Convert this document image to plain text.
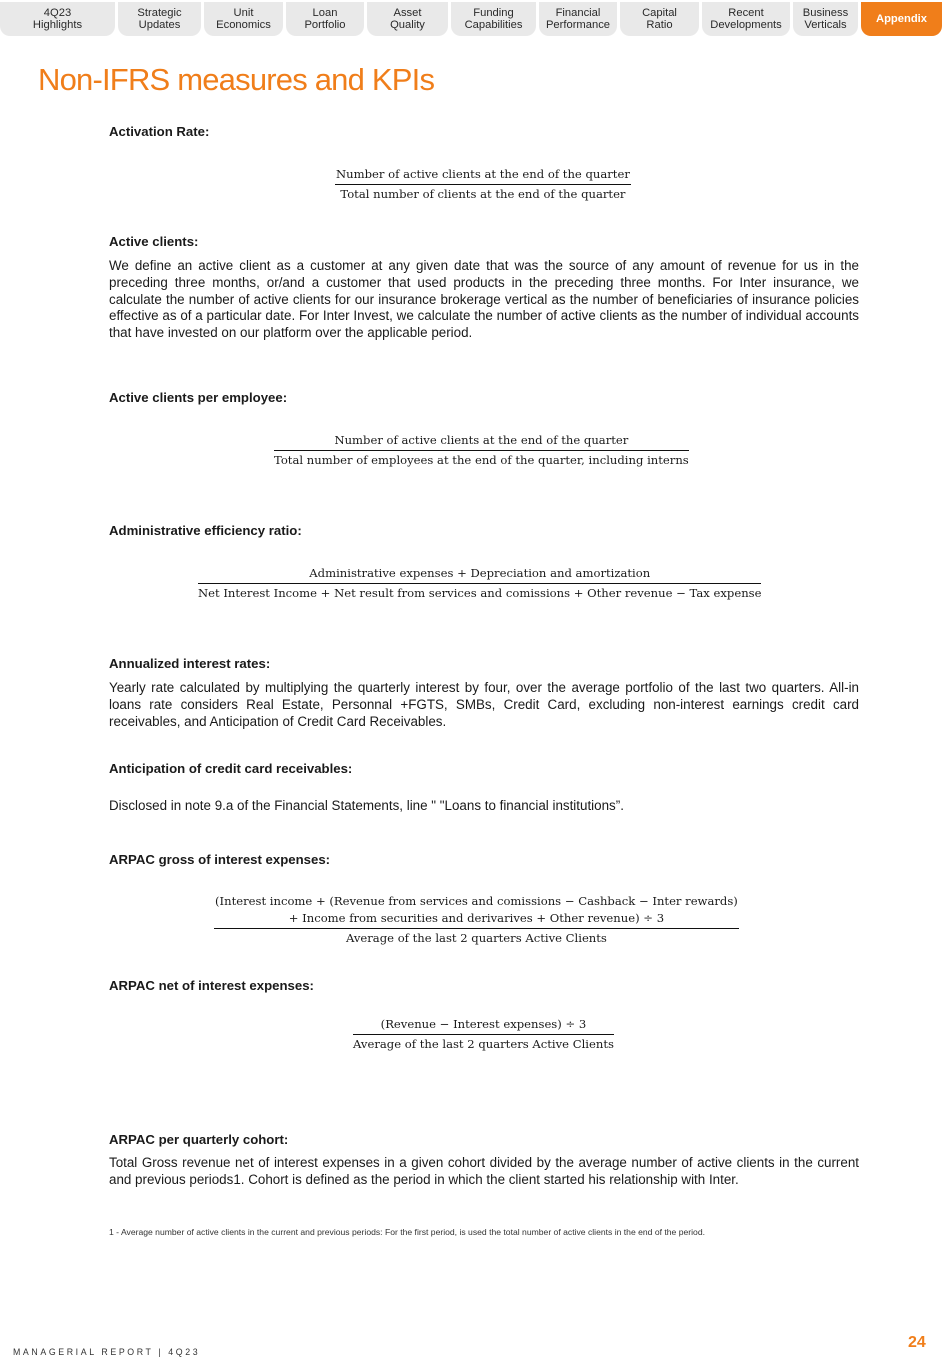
4Q23
Highlights
Strategic
Updates
Unit
Economics
Loan
Portfolio
Asset
Quality
Funding
Capabilities
Financial
Performance
Capital
Ratio
Recent
Developments
Business
Verticals
Appendix
Non-IFRS measures and KPIs
Activation Rate:
Number of active clients at the end of the quarter
Total number of clients at the end of the quarter
Active clients:

We define an active client as a customer at any given date that was the source of any amount of revenue for us in the preceding three months, or/and a customer that used products in the preceding three months. For Inter insurance, we calculate the number of active clients for our insurance brokerage vertical as the number of beneficiaries of insurance policies effective as of a particular date. For Inter Invest, we calculate the number of active clients as the number of individual accounts that have invested on our platform over the applicable period.

Active clients per employee:
Number of active clients at the end of the quarter
Total number of employees at the end of the quarter, including interns
Administrative efficiency ratio:
Administrative expenses + Depreciation and amortization
Net Interest Income + Net result from services and comissions + Other revenue − Tax expense
Annualized interest rates:

Yearly rate calculated by multiplying the quarterly interest by four, over the average portfolio of the last two quarters. All-in loans rate considers Real Estate, Personnal +FGTS, SMBs, Credit Card, excluding non-interest earnings credit card receivables, and Anticipation of Credit Card Receivables.

Anticipation of credit card receivables:

Disclosed in note 9.a of the Financial Statements, line " "Loans to financial institutions”.

ARPAC gross of interest expenses:
(Interest income + (Revenue from services and comissions − Cashback − Inter rewards)
+ Income from securities and derivarives + Other revenue) ÷ 3
Average of the last 2 quarters Active Clients
ARPAC net of interest expenses:
(Revenue − Interest expenses) ÷ 3
Average of the last 2 quarters Active Clients
ARPAC per quarterly cohort:

Total Gross revenue net of interest expenses in a given cohort divided by the average number of active clients in the current and previous periods1. Cohort is defined as the period in which the client started his relationship with Inter.

1 - Average number of active clients in the current and previous periods: For the first period, is used the total number of active clients in the end of the period.

MANAGERIAL REPORT | 4Q23
24
